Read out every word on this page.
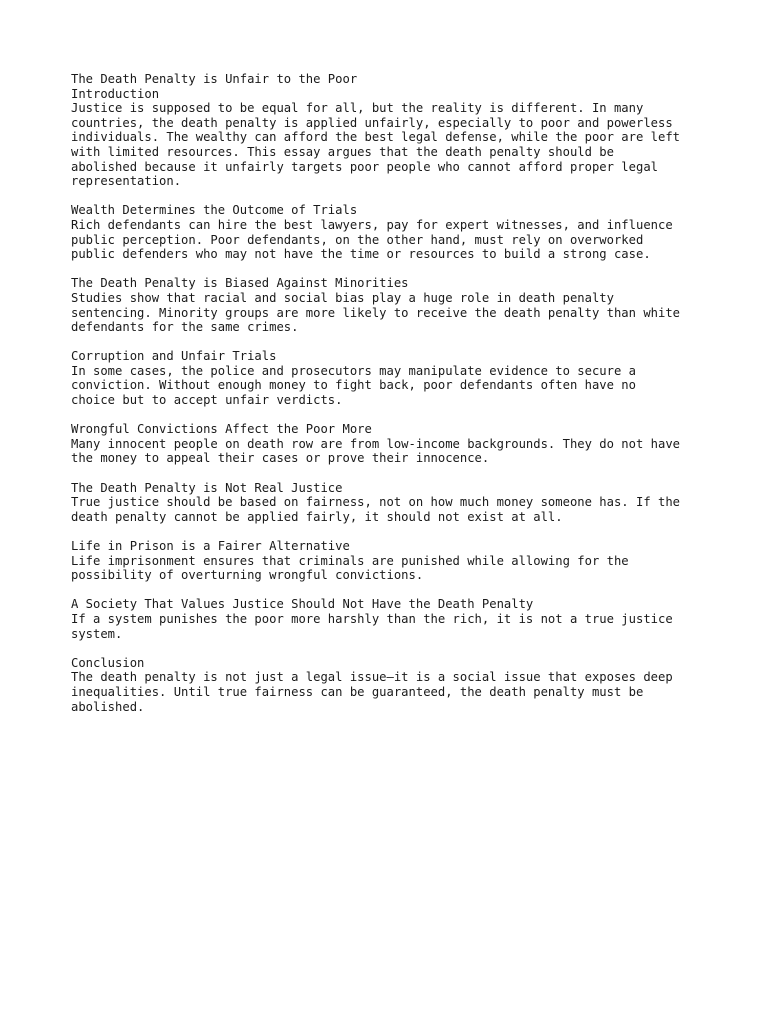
The Death Penalty is Unfair to the Poor
Introduction
Justice is supposed to be equal for all, but the reality is different. In many
countries, the death penalty is applied unfairly, especially to poor and powerless
individuals. The wealthy can afford the best legal defense, while the poor are left
with limited resources. This essay argues that the death penalty should be
abolished because it unfairly targets poor people who cannot afford proper legal
representation.
Wealth Determines the Outcome of Trials
Rich defendants can hire the best lawyers, pay for expert witnesses, and influence
public perception. Poor defendants, on the other hand, must rely on overworked
public defenders who may not have the time or resources to build a strong case.
The Death Penalty is Biased Against Minorities
Studies show that racial and social bias play a huge role in death penalty
sentencing. Minority groups are more likely to receive the death penalty than white
defendants for the same crimes.
Corruption and Unfair Trials
In some cases, the police and prosecutors may manipulate evidence to secure a
conviction. Without enough money to fight back, poor defendants often have no
choice but to accept unfair verdicts.
Wrongful Convictions Affect the Poor More
Many innocent people on death row are from low-income backgrounds. They do not have
the money to appeal their cases or prove their innocence.
The Death Penalty is Not Real Justice
True justice should be based on fairness, not on how much money someone has. If the
death penalty cannot be applied fairly, it should not exist at all.
Life in Prison is a Fairer Alternative
Life imprisonment ensures that criminals are punished while allowing for the
possibility of overturning wrongful convictions.
A Society That Values Justice Should Not Have the Death Penalty
If a system punishes the poor more harshly than the rich, it is not a true justice
system.
Conclusion
The death penalty is not just a legal issue—it is a social issue that exposes deep
inequalities. Until true fairness can be guaranteed, the death penalty must be
abolished.
